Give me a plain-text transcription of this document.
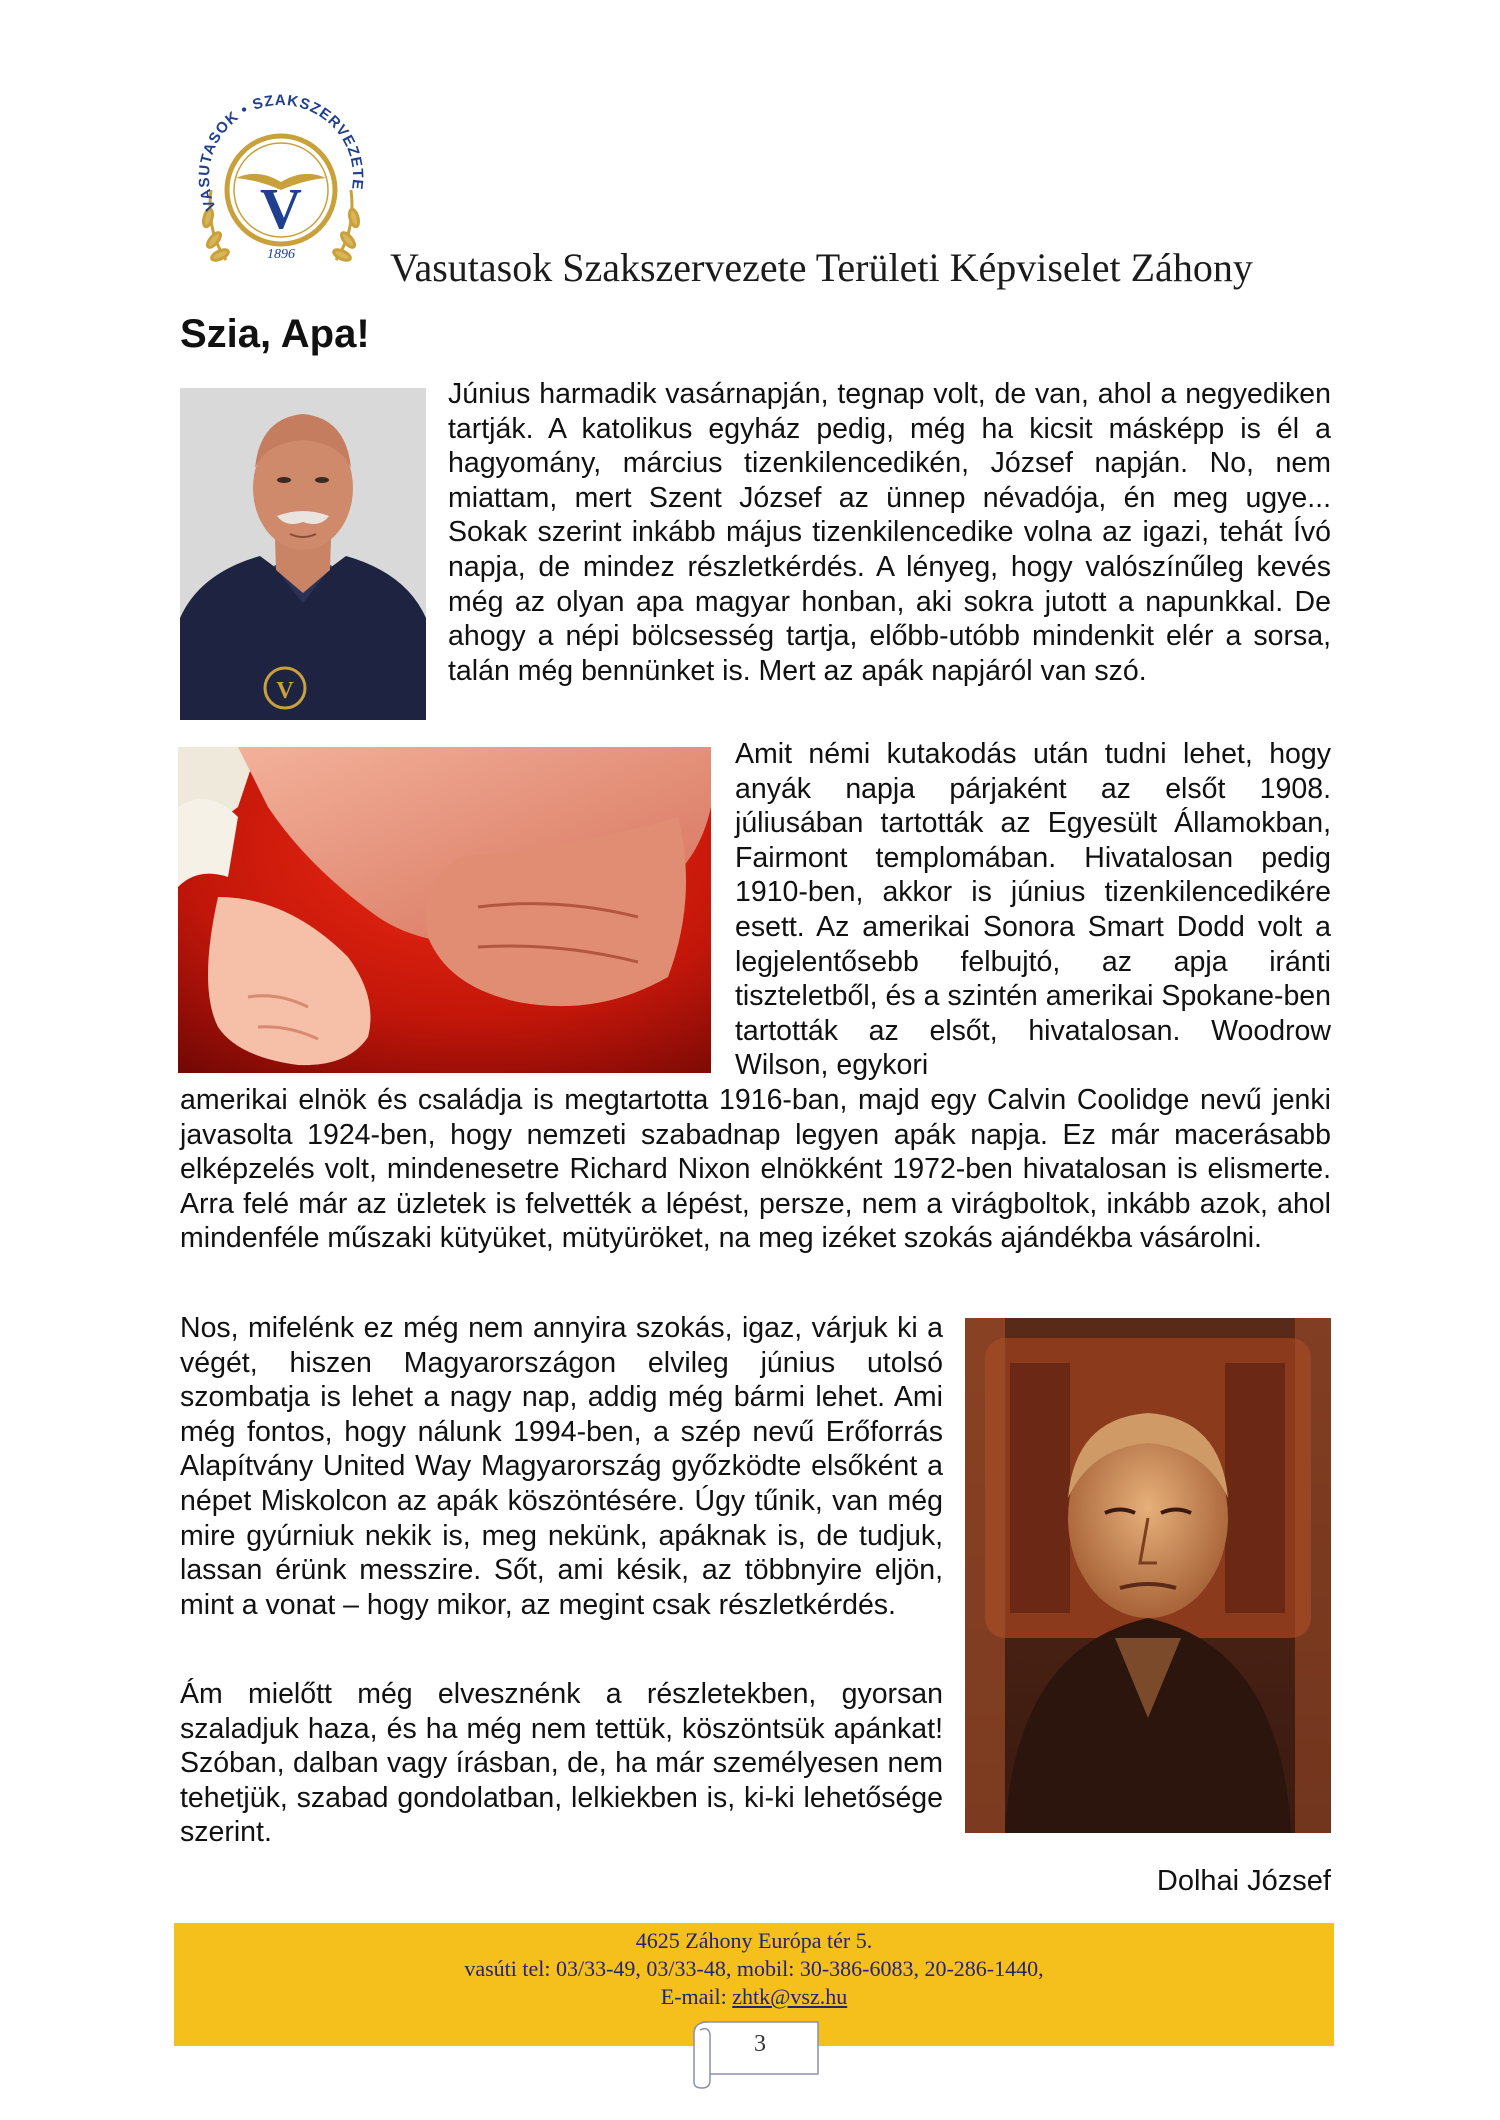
VASUTASOK • SZAKSZERVEZETE
V
1896 Vasutasok Szakszervezete Területi Képviselet Záhony
Szia, Apa!
V

Június harmadik vasárnapján, tegnap volt, de van, ahol a negyediken tartják. A katolikus egyház pedig, még ha kicsit másképp is él a hagyomány, március tizenkilencedikén, József napján. No, nem miattam, mert Szent József az ünnep névadója, én meg ugye... Sokak szerint inkább május tizenkilencedike volna az igazi, tehát Ívó napja, de mindez részletkérdés. A lényeg, hogy valószínűleg kevés még az olyan apa magyar honban, aki sokra jutott a napunkkal. De ahogy a népi bölcsesség tartja, előbb-utóbb mindenkit elér a sorsa, talán még bennünket is. Mert az apák napjáról van szó.

Amit némi kutakodás után tudni lehet, hogy anyák napja párjaként az elsőt 1908. júliusában tartották az Egyesült Államokban, Fairmont templomában. Hivatalosan pedig 1910-ben, akkor is június tizenkilencedikére esett. Az amerikai Sonora Smart Dodd volt a legjelentősebb felbujtó, az apja iránti tiszteletből, és a szintén amerikai Spokane-ben tartották az elsőt, hivatalosan. Woodrow Wilson, egykori

amerikai elnök és családja is megtartotta 1916-ban, majd egy Calvin Coolidge nevű jenki javasolta 1924-ben, hogy nemzeti szabadnap legyen apák napja. Ez már macerásabb elképzelés volt, mindenesetre Richard Nixon elnökként 1972-ben hivatalosan is elismerte. Arra felé már az üzletek is felvették a lépést, persze, nem a virágboltok, inkább azok, ahol mindenféle műszaki kütyüket, mütyüröket, na meg izéket szokás ajándékba vásárolni.

Nos, mifelénk ez még nem annyira szokás, igaz, várjuk ki a végét, hiszen Magyarországon elvileg június utolsó szombatja is lehet a nagy nap, addig még bármi lehet. Ami még fontos, hogy nálunk 1994-ben, a szép nevű Erőforrás Alapítvány United Way Magyarország győzködte elsőként a népet Miskolcon az apák köszöntésére. Úgy tűnik, van még mire gyúrniuk nekik is, meg nekünk, apáknak is, de tudjuk, lassan érünk messzire. Sőt, ami késik, az többnyire eljön, mint a vonat – hogy mikor, az megint csak részletkérdés.

Ám mielőtt még elvesznénk a részletekben, gyorsan szaladjuk haza, és ha még nem tettük, köszöntsük apánkat! Szóban, dalban vagy írásban, de, ha már személyesen nem tehetjük, szabad gondolatban, lelkiekben is, ki-ki lehetősége szerint.

Dolhai József
4625 Záhony Európa tér 5.
vasúti tel: 03/33-49, 03/33-48, mobil: 30-386-6083, 20-286-1440,
E-mail: zhtk@vsz.hu
3
